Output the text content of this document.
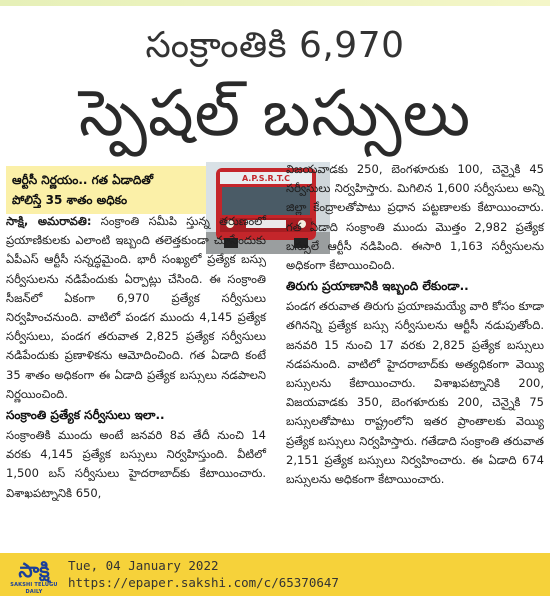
సంక్రాంతికి 6,970
స్పెషల్‌ బస్సులు
ఆర్టీసీ నిర్ణయం.. గత ఏడాదితో
పోలిస్తే 35 శాతం అధికం
A.P.S.R.T.C

సాక్షి, అమరావతి: సంక్రాంతి సమీపి స్తున్న తరుణంలో ప్రయాణికులకు ఎలాంటి ఇబ్బంది తలెత్తకుండా చూసేందుకు ఏపీఎస్‌ ఆర్టీసీ సన్నద్ధమైంది. భారీ సంఖ్యలో ప్రత్యేక బస్సు సర్వీసులను నడిపేందుకు ఏర్పాట్లు చేసింది. ఈ సంక్రాంతి సీజన్‌లో ఏకంగా 6,970 ప్రత్యేక సర్వీసులు నిర్వహించనుంది. వాటిలో పండగ ముందు 4,145 ప్రత్యేక సర్వీసులు, పండగ తరువాత 2,825 ప్రత్యేక సర్వీసులు నడిపేందుకు ప్రణాళికను ఆమోదించింది. గత ఏడాది కంటే 35 శాతం అధికంగా ఈ ఏడాది ప్రత్యేక బస్సులు నడపాలని నిర్ణయించింది.

సంక్రాంతి ప్రత్యేక సర్వీసులు ఇలా..

సంక్రాంతికి ముందు అంటే జనవరి 8వ తేదీ నుంచి 14 వరకు 4,145 ప్రత్యేక బస్సులు నిర్వహిస్తుంది. వీటిలో 1,500 బస్‌ సర్వీసులు హైదరాబాద్‌కు కేటాయించారు. విశాఖపట్నానికి 650,

విజయవాడకు 250, బెంగళూరుకు 100, చెన్నైకి 45 సర్వీసులు నిర్వహిస్తారు. మిగిలిన 1,600 సర్వీసులు అన్ని జిల్లా కేంద్రాలతోపాటు ప్రధాన పట్టణాలకు కేటాయించారు. గత ఏడాది సంక్రాంతి ముందు మొత్తం 2,982 ప్రత్యేక బస్సులే ఆర్టీసీ నడిపింది. ఈసారి 1,163 సర్వీసులను అధికంగా కేటాయించింది.

తిరుగు ప్రయాణానికి ఇబ్బంది లేకుండా..

పండగ తరువాత తిరుగు ప్రయాణమయ్యే వారి కోసం కూడా తగినన్ని ప్రత్యేక బస్సు సర్వీసులను ఆర్టీసీ నడుపుతోంది. జనవరి 15 నుంచి 17 వరకు 2,825 ప్రత్యేక బస్సులు నడపనుంది. వాటిలో హైదరాబాద్‌కు అత్యధికంగా వెయ్యి బస్సులను కేటాయించారు. విశాఖపట్నానికి 200, విజయవాడకు 350, బెంగళూరుకు 200, చెన్నైకి 75 బస్సులతోపాటు రాష్ట్రంలోని ఇతర ప్రాంతాలకు వెయ్యి ప్రత్యేక బస్సులు నిర్వహిస్తారు. గతేడాది సంక్రాంతి తరువాత 2,151 ప్రత్యేక బస్సులు నిర్వహించారు. ఈ ఏడాది 674 బస్సులను అధికంగా కేటాయించారు.

సాక్షి
SAKSHI TELUGU DAILY
Tue, 04 January 2022
https://epaper.sakshi.com/c/65370647
